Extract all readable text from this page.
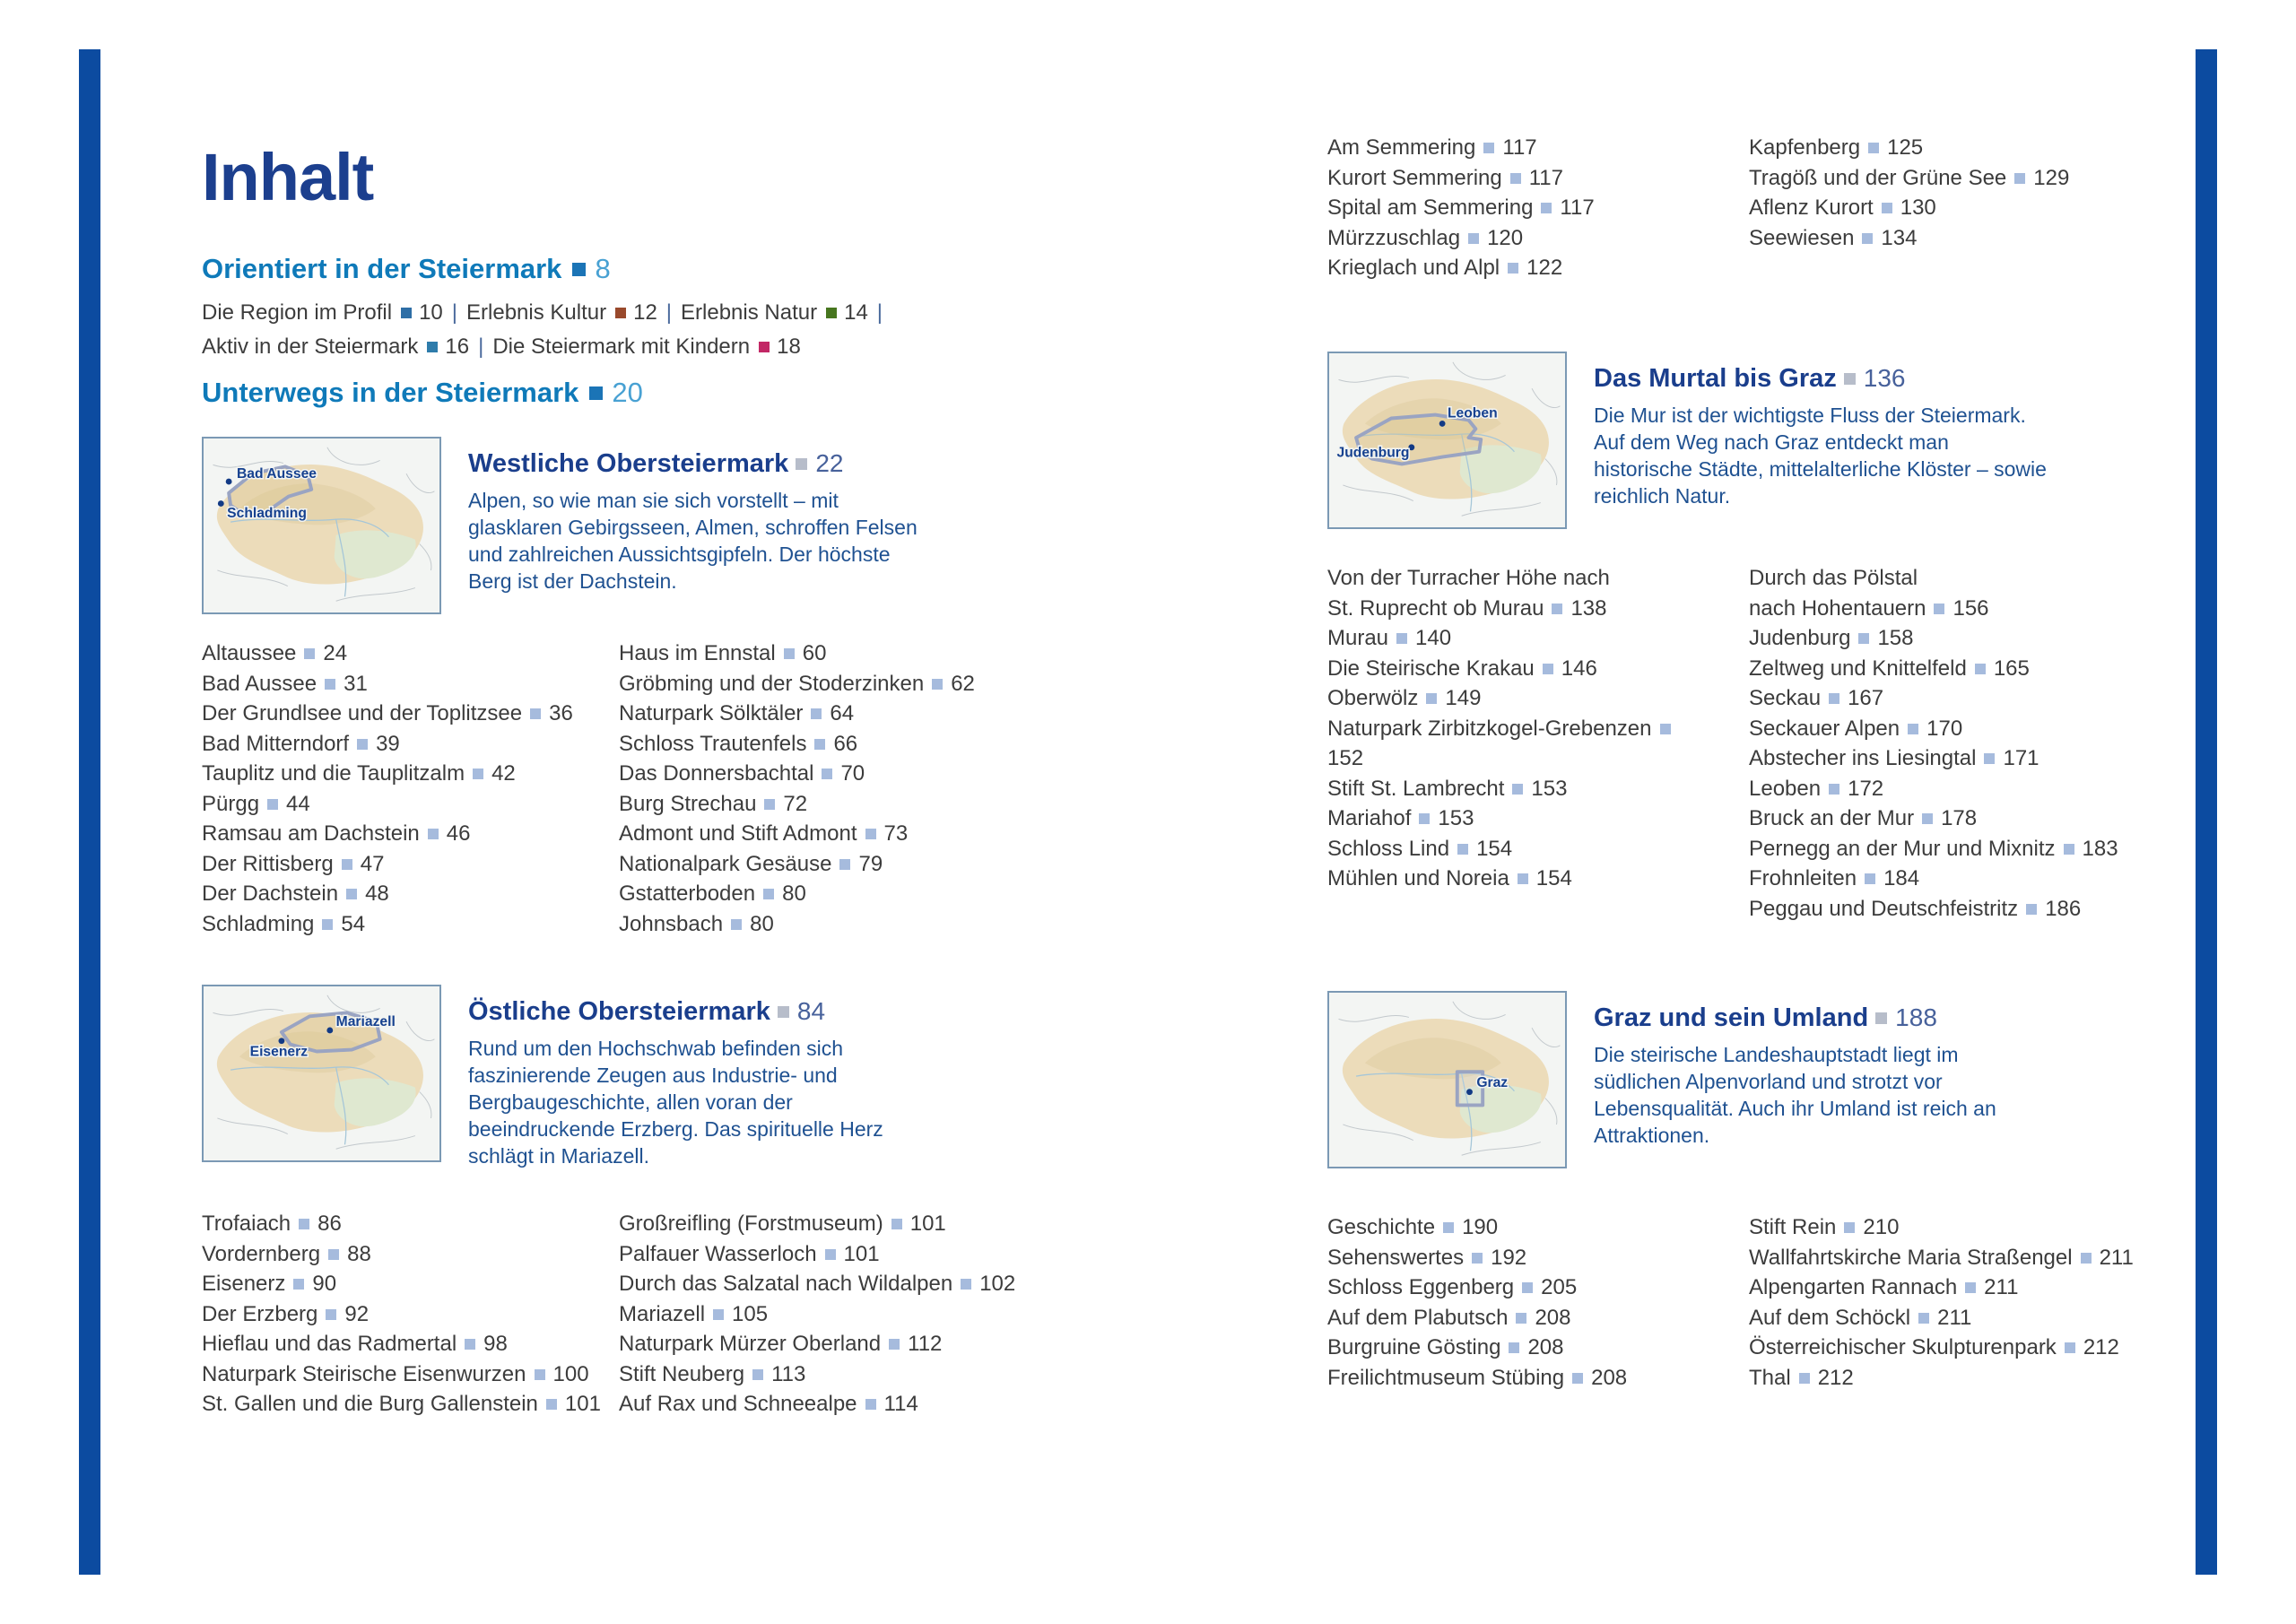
Inhalt
Orientiert in der Steiermark 8
Die Region im Profil 10 | Erlebnis Kultur 12 | Erlebnis Natur 14 |
Aktiv in der Steiermark 16 | Die Steiermark mit Kindern 18
Unterwegs in der Steiermark 20
Bad Aussee
Schladming
Westliche Obersteiermark 22

Alpen, so wie man sie sich vorstellt – mit glasklaren Gebirgsseen, Almen, schroffen Felsen und zahlreichen Aussichtsgipfeln. Der höchste Berg ist der Dachstein.

Altaussee 24
Bad Aussee 31
Der Grundlsee und der Toplitzsee 36
Bad Mitterndorf 39
Tauplitz und die Tauplitzalm 42
Pürgg 44
Ramsau am Dachstein 46
Der Rittisberg 47
Der Dachstein 48
Schladming 54
Haus im Ennstal 60
Gröbming und der Stoderzinken 62
Naturpark Sölktäler 64
Schloss Trautenfels 66
Das Donnersbachtal 70
Burg Strechau 72
Admont und Stift Admont 73
Nationalpark Gesäuse 79
Gstatterboden 80
Johnsbach 80
Mariazell
Eisenerz
Östliche Obersteiermark 84

Rund um den Hochschwab befinden sich faszinierende Zeugen aus Industrie- und Bergbaugeschichte, allen voran der beeindruckende Erzberg. Das spirituelle Herz schlägt in Mariazell.

Trofaiach 86
Vordernberg 88
Eisenerz 90
Der Erzberg 92
Hieflau und das Radmertal 98
Naturpark Steirische Eisenwurzen 100
St. Gallen und die Burg Gallenstein 101
Großreifling (Forstmuseum) 101
Palfauer Wasserloch 101
Durch das Salzatal nach Wildalpen 102
Mariazell 105
Naturpark Mürzer Oberland 112
Stift Neuberg 113
Auf Rax und Schneealpe 114
Am Semmering 117
Kurort Semmering 117
Spital am Semmering 117
Mürzzuschlag 120
Krieglach und Alpl 122
Kapfenberg 125
Tragöß und der Grüne See 129
Aflenz Kurort 130
Seewiesen 134
Leoben
Judenburg
Das Murtal bis Graz 136

Die Mur ist der wichtigste Fluss der Steiermark. Auf dem Weg nach Graz entdeckt man historische Städte, mittelalterliche Klöster – sowie reichlich Natur.

Von der Turracher Höhe nach
St. Ruprecht ob Murau 138
Murau 140
Die Steirische Krakau 146
Oberwölz 149
Naturpark Zirbitzkogel-Grebenzen
152
Stift St. Lambrecht 153
Mariahof 153
Schloss Lind 154
Mühlen und Noreia 154
Durch das Pölstal
nach Hohentauern 156
Judenburg 158
Zeltweg und Knittelfeld 165
Seckau 167
Seckauer Alpen 170
Abstecher ins Liesingtal 171
Leoben 172
Bruck an der Mur 178
Pernegg an der Mur und Mixnitz 183
Frohnleiten 184
Peggau und Deutschfeistritz 186
Graz
Graz und sein Umland 188

Die steirische Landeshauptstadt liegt im südlichen Alpenvorland und strotzt vor Lebensqualität. Auch ihr Umland ist reich an Attraktionen.

Geschichte 190
Sehenswertes 192
Schloss Eggenberg 205
Auf dem Plabutsch 208
Burgruine Gösting 208
Freilichtmuseum Stübing 208
Stift Rein 210
Wallfahrtskirche Maria Straßengel 211
Alpengarten Rannach 211
Auf dem Schöckl 211
Österreichischer Skulpturenpark 212
Thal 212
